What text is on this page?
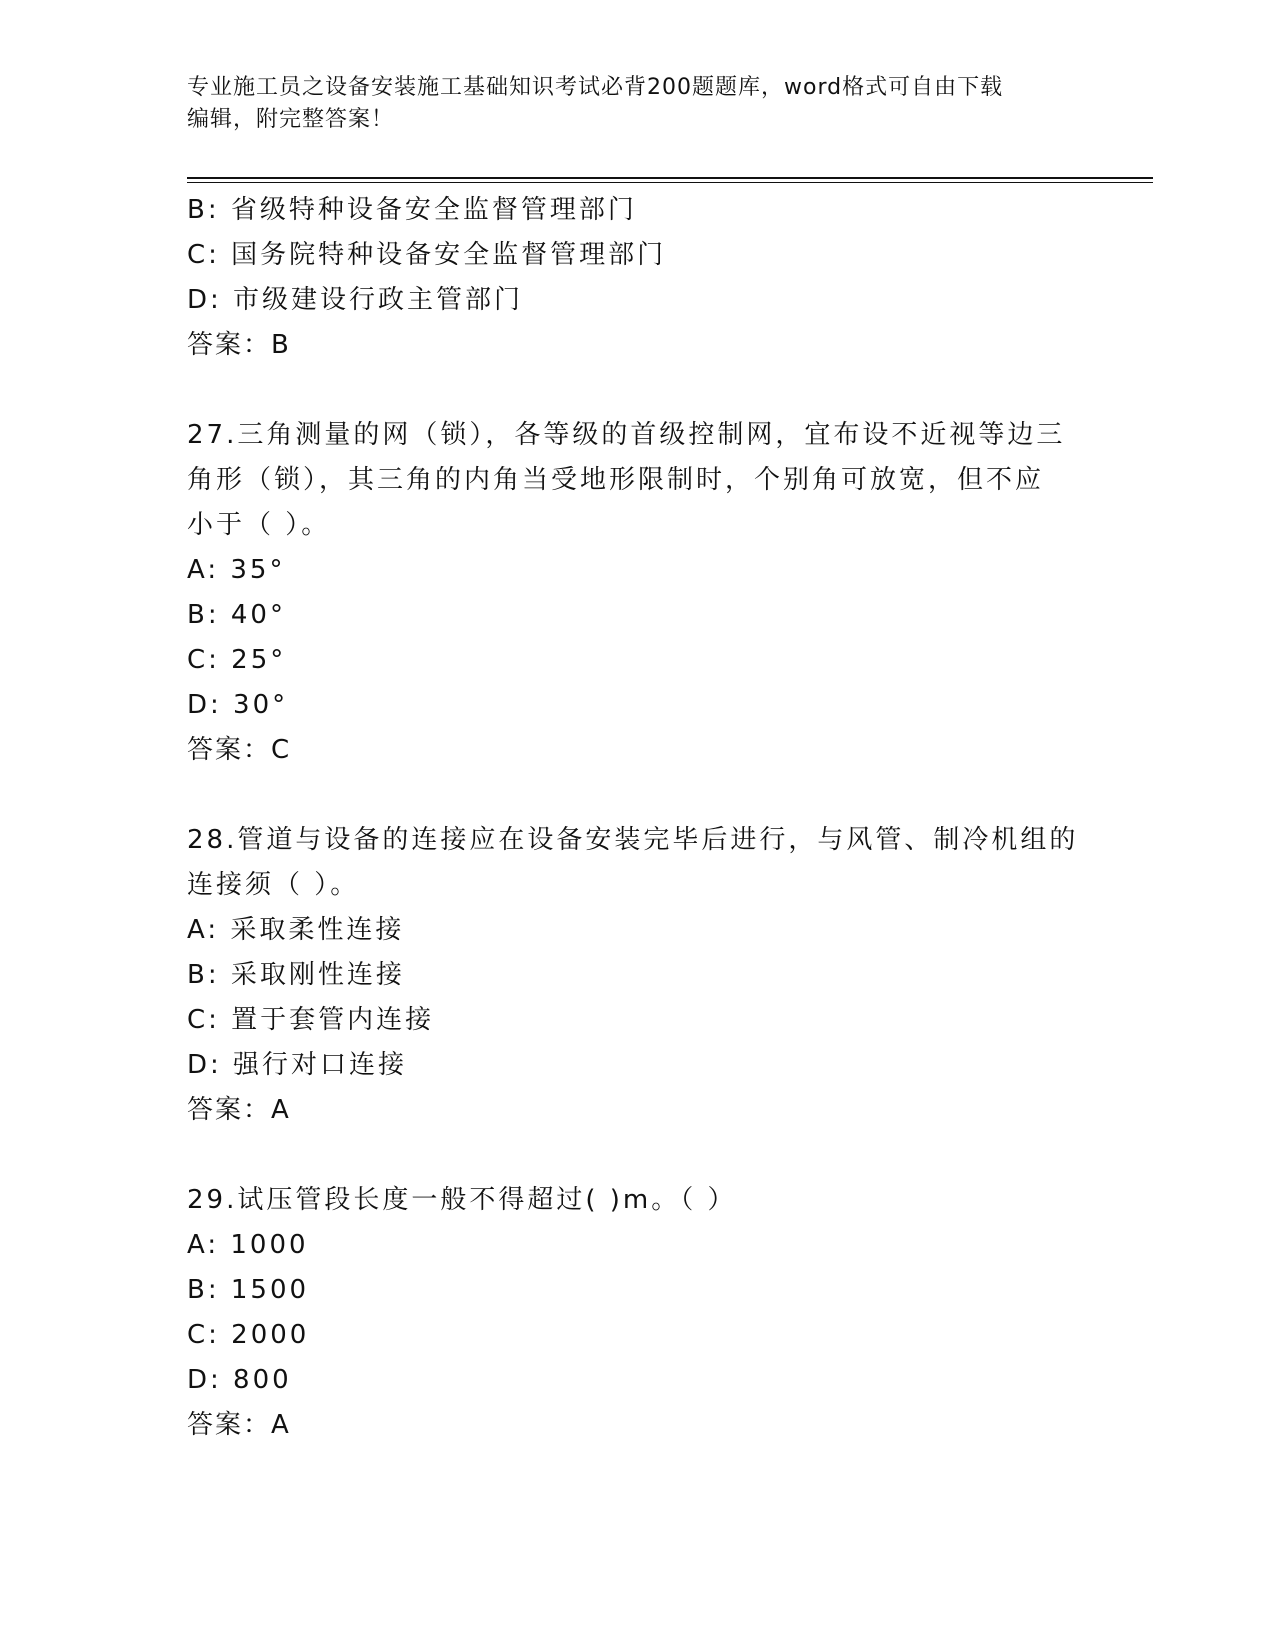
专业施工员之设备安装施工基础知识考试必背200题题库，word格式可自由下载
编辑，附完整答案！
B: 省级特种设备安全监督管理部门
C: 国务院特种设备安全监督管理部门
D: 市级建设行政主管部门
答案：B
27.三角测量的网（锁），各等级的首级控制网，宜布设不近视等边三
角形（锁），其三角的内角当受地形限制时，个别角可放宽，但不应
小于（ ）。
A: 35°
B: 40°
C: 25°
D: 30°
答案：C
28.管道与设备的连接应在设备安装完毕后进行，与风管、制冷机组的
连接须（ ）。
A: 采取柔性连接
B: 采取刚性连接
C: 置于套管内连接
D: 强行对口连接
答案：A
29.试压管段长度一般不得超过( )m。（ ）
A: 1000
B: 1500
C: 2000
D: 800
答案：A
